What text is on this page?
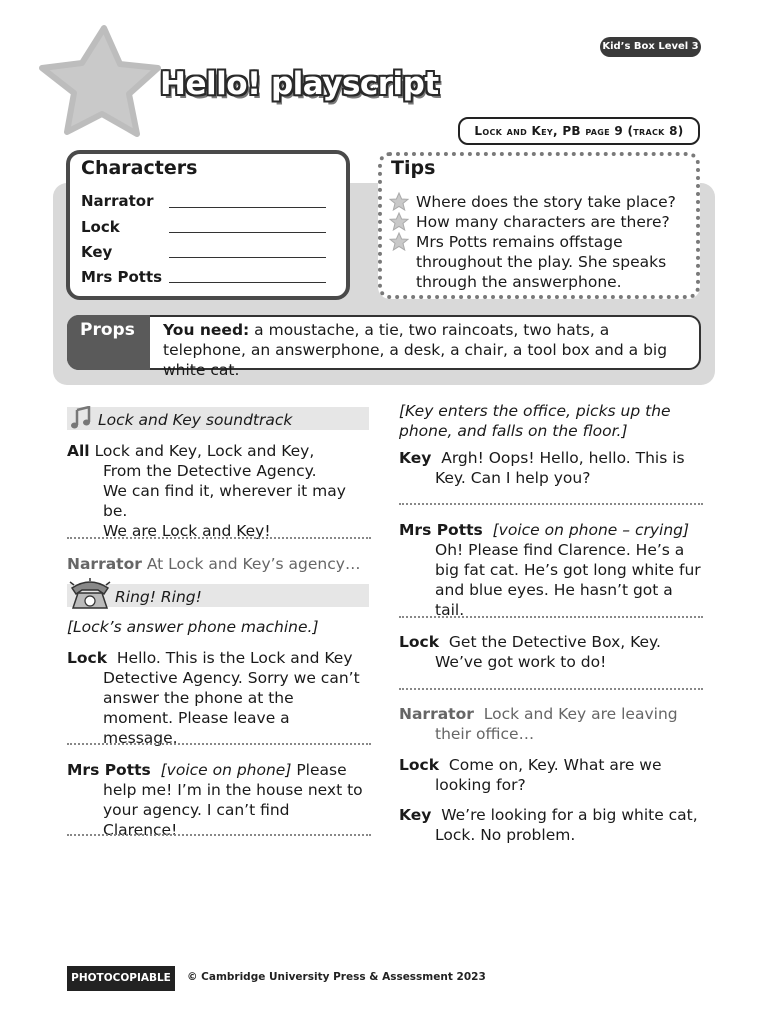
Hello! playscript
Kid’s Box Level 3
Lock and Key, PB page 9 (track 8)
Characters
Narrator
Lock
Key
Mrs Potts
Tips
Where does the story take place?
How many characters are there?
Mrs Potts remains offstage throughout the play. She speaks through the answerphone.
Props	You need: a moustache, a tie, two raincoats, two hats, a telephone, an answerphone, a desk, a chair, a tool box and a big white cat.
Lock and Key soundtrack
All Lock and Key, Lock and Key,
From the Detective Agency.
We can find it, wherever it may be.
We are Lock and Key!
Narrator At Lock and Key’s agency…
Ring! Ring!
[Lock’s answer phone machine.]
Lock Hello. This is the Lock and Key Detective Agency. Sorry we can’t answer the phone at the moment. Please leave a message.
Mrs Potts [voice on phone] Please help me! I’m in the house next to your agency. I can’t find Clarence!
[Key enters the office, picks up the phone, and falls on the floor.]
Key Argh! Oops! Hello, hello. This is Key. Can I help you?
Mrs Potts [voice on phone – crying] Oh! Please find Clarence. He’s a big fat cat. He’s got long white fur and blue eyes. He hasn’t got a tail.
Lock Get the Detective Box, Key. We’ve got work to do!
Narrator Lock and Key are leaving their office…
Lock Come on, Key. What are we looking for?
Key We’re looking for a big white cat, Lock. No problem.
PHOTOCOPIABLE	© Cambridge University Press & Assessment 2023
